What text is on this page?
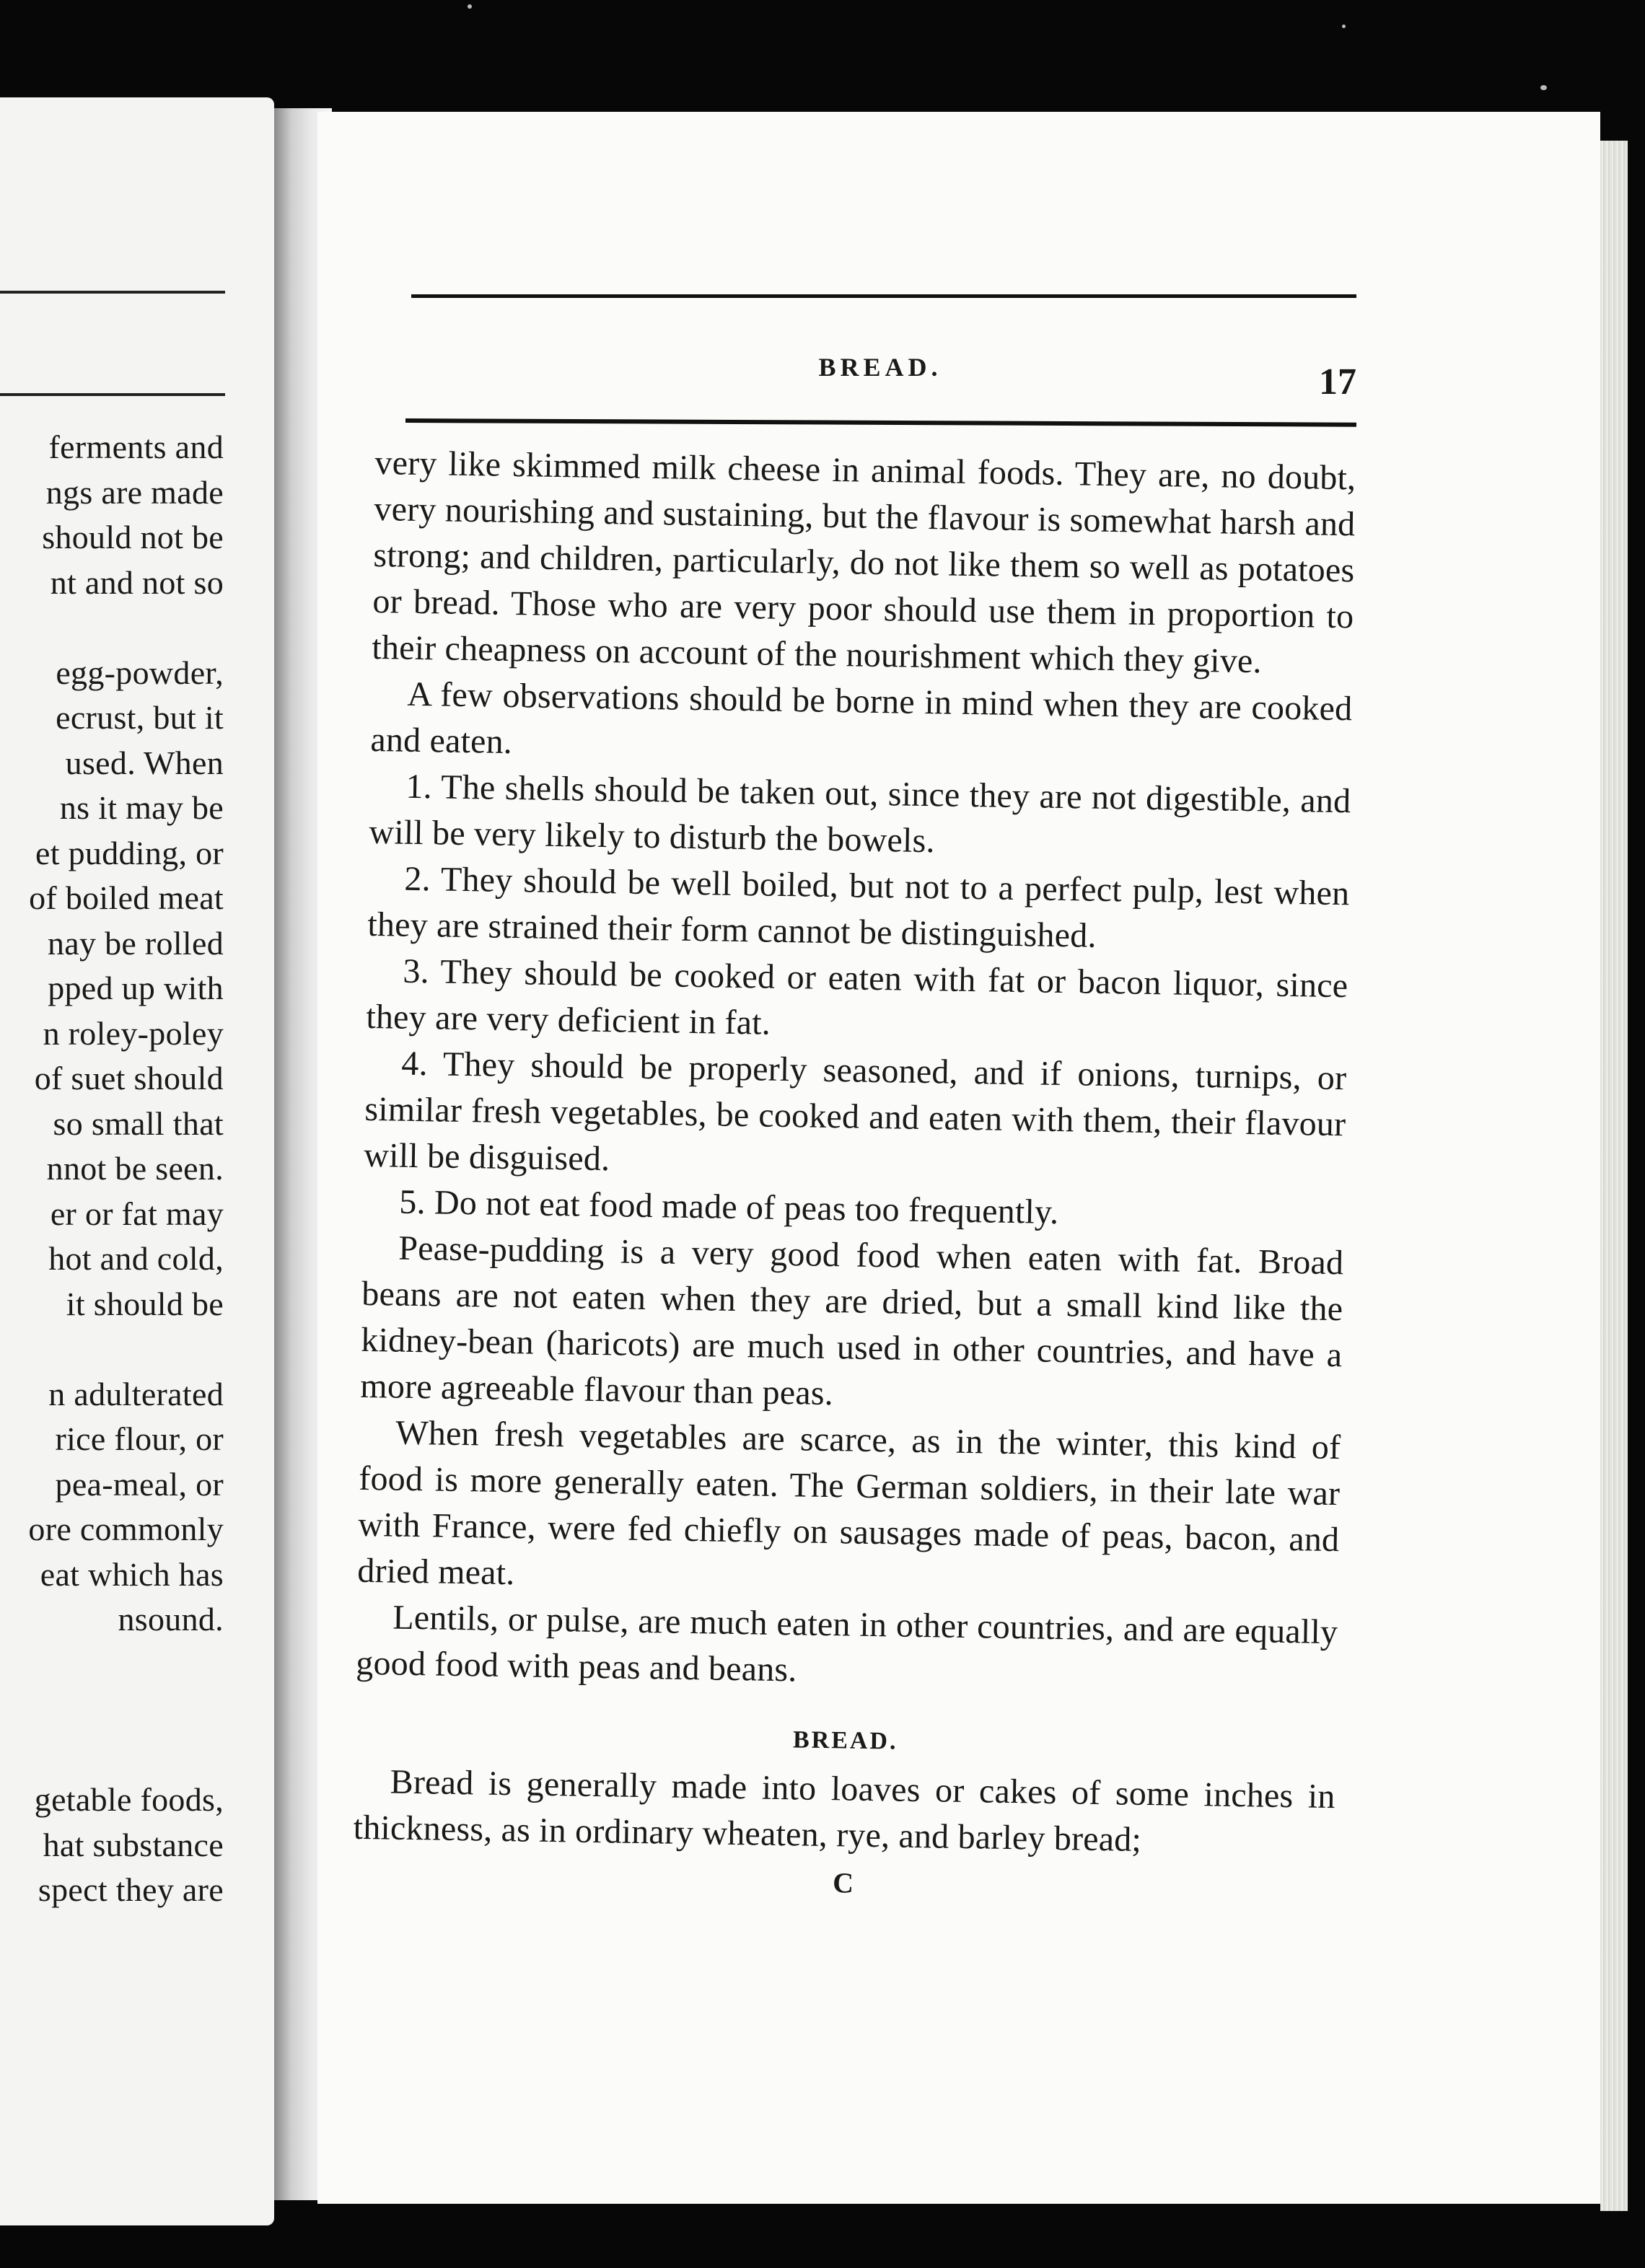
ferments and
ngs are made
should not be
nt and not so
egg-powder,
ecrust, but it
used. When
ns it may be
et pudding, or
of boiled meat
nay be rolled
pped up with
n roley-poley
of suet should
so small that
nnot be seen.
er or fat may
hot and cold,
it should be
n adulterated
rice flour, or
pea-meal, or
ore commonly
eat which has
nsound.
getable foods,
hat substance
spect they are
BREAD.	17

very like skimmed milk cheese in animal foods. They are, no doubt, very nourishing and sustaining, but the flavour is somewhat harsh and strong; and children, particularly, do not like them so well as potatoes or bread. Those who are very poor should use them in proportion to their cheapness on account of the nourishment which they give.

A few observations should be borne in mind when they are cooked and eaten.

1. The shells should be taken out, since they are not digestible, and will be very likely to disturb the bowels.

2. They should be well boiled, but not to a perfect pulp, lest when they are strained their form cannot be distinguished.

3. They should be cooked or eaten with fat or bacon liquor, since they are very deficient in fat.

4. They should be properly seasoned, and if onions, turnips, or similar fresh vegetables, be cooked and eaten with them, their flavour will be disguised.

5. Do not eat food made of peas too frequently.

Pease-pudding is a very good food when eaten with fat. Broad beans are not eaten when they are dried, but a small kind like the kidney-bean (haricots) are much used in other countries, and have a more agreeable flavour than peas.

When fresh vegetables are scarce, as in the winter, this kind of food is more generally eaten. The German soldiers, in their late war with France, were fed chiefly on sausages made of peas, bacon, and dried meat.

Lentils, or pulse, are much eaten in other countries, and are equally good food with peas and beans.

BREAD.

Bread is generally made into loaves or cakes of some inches in thickness, as in ordinary wheaten, rye, and barley bread;

C
